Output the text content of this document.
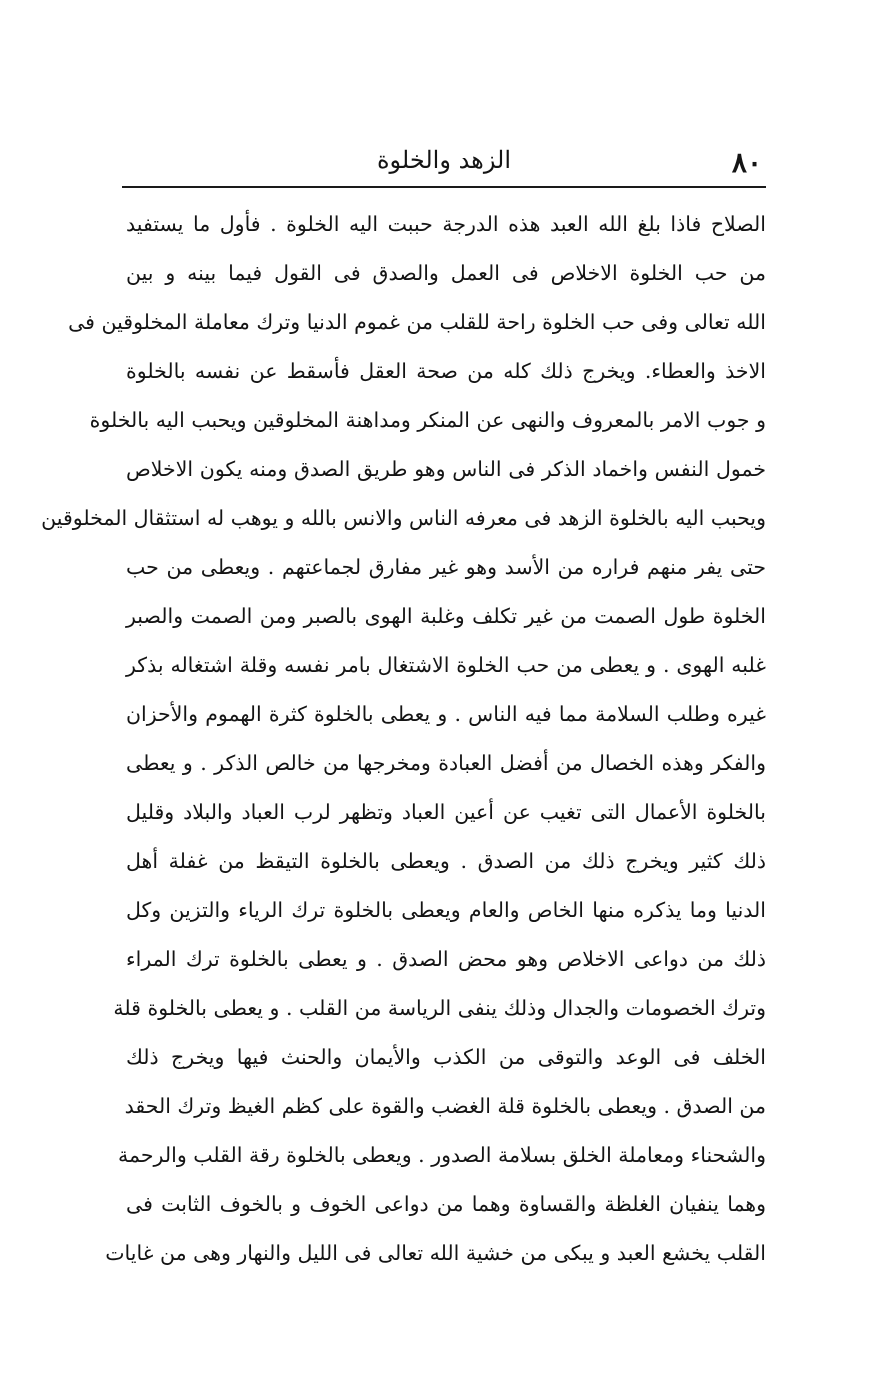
٨٠
الزهد والخلوة
الصلاح فاذا بلغ الله العبد هذه الدرجة حببت اليه الخلوة . فأول ما يستفيد
من حب الخلوة الاخلاص فى العمل والصدق فى القول فيما بينه و بين
الله تعالى وفى حب الخلوة راحة للقلب من غموم الدنيا وترك معاملة المخلوقين فى
الاخذ والعطاء. ويخرج ذلك كله من صحة العقل فأسقط عن نفسه بالخلوة
و جوب الامر بالمعروف والنهى عن المنكر ومداهنة المخلوقين ويحبب اليه بالخلوة
خمول النفس واخماد الذكر فى الناس وهو طريق الصدق ومنه يكون الاخلاص
ويحبب اليه بالخلوة الزهد فى معرفه الناس والانس بالله و يوهب له استثقال المخلوقين
حتى يفر منهم فراره من الأسد وهو غير مفارق لجماعتهم . ويعطى من حب
الخلوة طول الصمت من غير تكلف وغلبة الهوى بالصبر ومن الصمت والصبر
غلبه الهوى . و يعطى من حب الخلوة الاشتغال بامر نفسه وقلة اشتغاله بذكر
غيره وطلب السلامة مما فيه الناس . و يعطى بالخلوة كثرة الهموم والأحزان
والفكر وهذه الخصال من أفضل العبادة ومخرجها من خالص الذكر . و يعطى
بالخلوة الأعمال التى تغيب عن أعين العباد وتظهر لرب العباد والبلاد وقليل
ذلك كثير ويخرج ذلك من الصدق . ويعطى بالخلوة التيقظ من غفلة أهل
الدنيا وما يذكره منها الخاص والعام ويعطى بالخلوة ترك الرياء والتزين وكل
ذلك من دواعى الاخلاص وهو محض الصدق . و يعطى بالخلوة ترك المراء
وترك الخصومات والجدال وذلك ينفى الرياسة من القلب . و يعطى بالخلوة قلة
الخلف فى الوعد والتوقى من الكذب والأيمان والحنث فيها ويخرج ذلك
من الصدق . ويعطى بالخلوة قلة الغضب والقوة على كظم الغيظ وترك الحقد
والشحناء ومعاملة الخلق بسلامة الصدور . ويعطى بالخلوة رقة القلب والرحمة
وهما ينفيان الغلظة والقساوة وهما من دواعى الخوف و بالخوف الثابت فى
القلب يخشع العبد و يبكى من خشية الله تعالى فى الليل والنهار وهى من غايات
